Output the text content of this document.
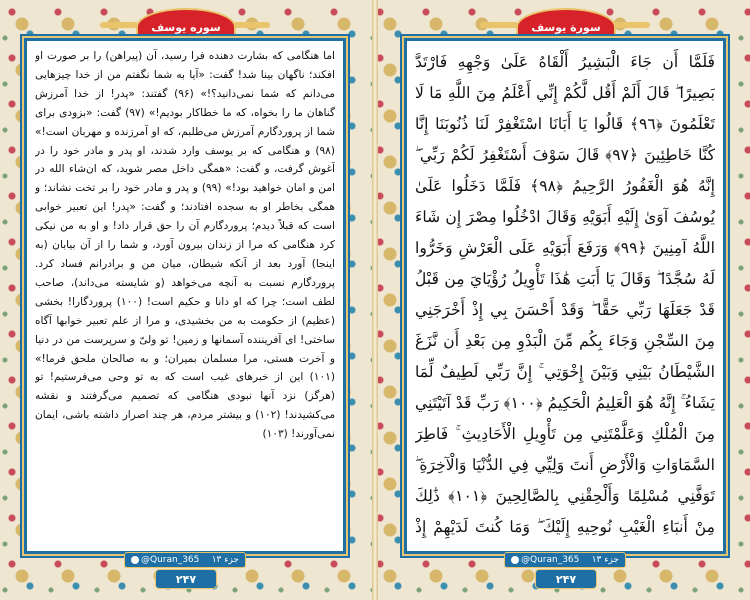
سوره یوسف

اما هنگامی که بشارت دهنده فرا رسید، آن (پیراهن) را بر صورت او افکند؛ ناگهان بینا شد! گفت: «آیا به شما نگفتم من از خدا چیزهایی می‌دانم که شما نمی‌دانید؟!» (۹۶) گفتند: «پدر! از خدا آمرزش گناهان ما را بخواه، که ما خطاکار بودیم!» (۹۷) گفت: «بزودی برای شما از پروردگارم آمرزش می‌طلبم، که او آمرزنده و مهربان است!» (۹۸) و هنگامی که بر یوسف وارد شدند، او پدر و مادر خود را در آغوش گرفت، و گفت: «همگی داخل مصر شوید، که ان‌شاء الله در امن و امان خواهید بود!» (۹۹) و پدر و مادر خود را بر تخت نشاند؛ و همگی بخاطر او به سجده افتادند؛ و گفت: «پدر! این تعبیر خوابی است که قبلاً دیدم؛ پروردگارم آن را حق قرار داد! و او به من نیکی کرد هنگامی که مرا از زندان بیرون آورد، و شما را از آن بیابان (به اینجا) آورد بعد از آنکه شیطان، میان من و برادرانم فساد کرد. پروردگارم نسبت به آنچه می‌خواهد (و شایسته می‌داند)، صاحب لطف است؛ چرا که او دانا و حکیم است! (۱۰۰) پروردگارا! بخشی (عظیم) از حکومت به من بخشیدی، و مرا از علم تعبیر خوابها آگاه ساختی! ای آفریننده آسمانها و زمین! تو ولیّ و سرپرست من در دنیا و آخرت هستی، مرا مسلمان بمیران؛ و به صالحان ملحق فرما!» (۱۰۱) این از خبرهای غیب است که به تو وحی می‌فرستیم! تو (هرگز) نزد آنها نبودی هنگامی که تصمیم می‌گرفتند و نقشه می‌کشیدند! (۱۰۲) و بیشتر مردم، هر چند اصرار داشته باشی، ایمان نمی‌آورند! (۱۰۳)

@Quran_365 جزء ۱۳
۲۴۷
سورة يوسف

فَلَمَّا أَن جَاءَ الْبَشِيرُ أَلْقَاهُ عَلَىٰ وَجْهِهِ فَارْتَدَّ بَصِيرًا ۖ قَالَ أَلَمْ أَقُل لَّكُمْ إِنِّي أَعْلَمُ مِنَ اللَّهِ مَا لَا تَعْلَمُونَ ﴿٩٦﴾ قَالُوا يَا أَبَانَا اسْتَغْفِرْ لَنَا ذُنُوبَنَا إِنَّا كُنَّا خَاطِئِينَ ﴿٩٧﴾ قَالَ سَوْفَ أَسْتَغْفِرُ لَكُمْ رَبِّي ۖ إِنَّهُ هُوَ الْغَفُورُ الرَّحِيمُ ﴿٩٨﴾ فَلَمَّا دَخَلُوا عَلَىٰ يُوسُفَ آوَىٰ إِلَيْهِ أَبَوَيْهِ وَقَالَ ادْخُلُوا مِصْرَ إِن شَاءَ اللَّهُ آمِنِينَ ﴿٩٩﴾ وَرَفَعَ أَبَوَيْهِ عَلَى الْعَرْشِ وَخَرُّوا لَهُ سُجَّدًا ۖ وَقَالَ يَا أَبَتِ هَٰذَا تَأْوِيلُ رُؤْيَايَ مِن قَبْلُ قَدْ جَعَلَهَا رَبِّي حَقًّا ۖ وَقَدْ أَحْسَنَ بِي إِذْ أَخْرَجَنِي مِنَ السِّجْنِ وَجَاءَ بِكُم مِّنَ الْبَدْوِ مِن بَعْدِ أَن نَّزَغَ الشَّيْطَانُ بَيْنِي وَبَيْنَ إِخْوَتِي ۚ إِنَّ رَبِّي لَطِيفٌ لِّمَا يَشَاءُ ۚ إِنَّهُ هُوَ الْعَلِيمُ الْحَكِيمُ ﴿١٠٠﴾ رَبِّ قَدْ آتَيْتَنِي مِنَ الْمُلْكِ وَعَلَّمْتَنِي مِن تَأْوِيلِ الْأَحَادِيثِ ۚ فَاطِرَ السَّمَاوَاتِ وَالْأَرْضِ أَنتَ وَلِيِّي فِي الدُّنْيَا وَالْآخِرَةِ ۖ تَوَفَّنِي مُسْلِمًا وَأَلْحِقْنِي بِالصَّالِحِينَ ﴿١٠١﴾ ذَٰلِكَ مِنْ أَنبَاءِ الْغَيْبِ نُوحِيهِ إِلَيْكَ ۖ وَمَا كُنتَ لَدَيْهِمْ إِذْ

@Quran_365 جزء ۱۳
۲۴۷
